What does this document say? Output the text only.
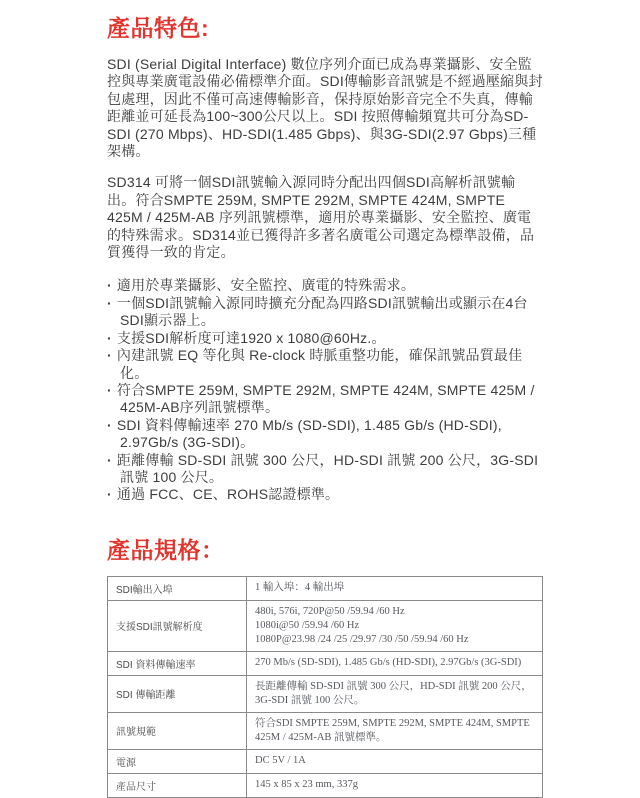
產品特色:

SDI (Serial Digital Interface) 數位序列介面已成為專業攝影、安全監控與專業廣電設備必備標準介面。SDI傳輸影音訊號是不經過壓縮與封包處理，因此不僅可高速傳輸影音，保持原始影音完全不失真，傳輸距離並可延長為100~300公尺以上。SDI 按照傳輸頻寬共可分為SD-SDI (270 Mbps)、HD-SDI(1.485 Gbps)、與3G-SDI(2.97 Gbps)三種架構。

SD314 可將一個SDI訊號輸入源同時分配出四個SDI高解析訊號輸出。符合SMPTE 259M, SMPTE 292M, SMPTE 424M, SMPTE 425M / 425M-AB 序列訊號標準，適用於專業攝影、安全監控、廣電的特殊需求。SD314並已獲得許多著名廣電公司選定為標準設備，品質獲得一致的肯定。

· 適用於專業攝影、安全監控、廣電的特殊需求。
· 一個SDI訊號輸入源同時擴充分配為四路SDI訊號輸出或顯示在4台SDI顯示器上。
· 支援SDI解析度可達1920 x 1080@60Hz.。
· 內建訊號 EQ 等化與 Re-clock 時脈重整功能，確保訊號品質最佳化。
· 符合SMPTE 259M, SMPTE 292M, SMPTE 424M, SMPTE 425M / 425M-AB序列訊號標準。
· SDI 資料傳輸速率 270 Mb/s (SD-SDI), 1.485 Gb/s (HD-SDI), 2.97Gb/s (3G-SDI)。
· 距離傳輸 SD-SDI 訊號 300 公尺，HD-SDI 訊號 200 公尺，3G-SDI訊號 100 公尺。
· 通過 FCC、CE、ROHS認證標準。
產品規格：
SDI輸出入埠	1 輸入埠：4 輸出埠
支援SDI訊號解析度	480i, 576i, 720P@50 /59.94 /60 Hz
1080i@50 /59.94 /60 Hz
1080P@23.98 /24 /25 /29.97 /30 /50 /59.94 /60 Hz
SDI 資料傳輸速率	270 Mb/s (SD-SDI), 1.485 Gb/s (HD-SDI), 2.97Gb/s (3G-SDI)
SDI 傳輸距離	長距離傳輸 SD-SDI 訊號 300 公尺，HD-SDI 訊號 200 公尺，3G-SDI 訊號 100 公尺。
訊號規範	符合SDI SMPTE 259M, SMPTE 292M, SMPTE 424M, SMPTE 425M / 425M-AB 訊號標準。
電源	DC 5V / 1A
產品尺寸	145 x 85 x 23 mm, 337g
